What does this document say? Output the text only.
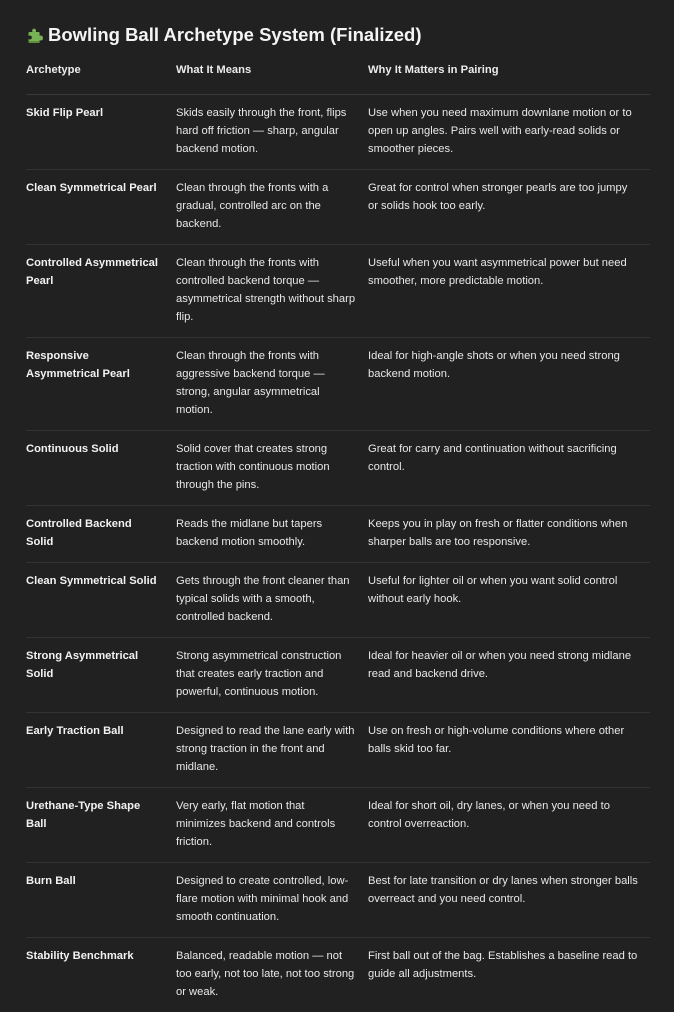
Bowling Ball Archetype System (Finalized)
Archetype	What It Means	Why It Matters in Pairing
Skid Flip Pearl	Skids easily through the front, flips hard off friction — sharp, angular backend motion.	Use when you need maximum downlane motion or to open up angles. Pairs well with early-read solids or smoother pieces.
Clean Symmetrical Pearl	Clean through the fronts with a gradual, controlled arc on the backend.	Great for control when stronger pearls are too jumpy or solids hook too early.
Controlled Asymmetrical Pearl	Clean through the fronts with controlled backend torque — asymmetrical strength without sharp flip.	Useful when you want asymmetrical power but need smoother, more predictable motion.
Responsive Asymmetrical Pearl	Clean through the fronts with aggressive backend torque — strong, angular asymmetrical motion.	Ideal for high-angle shots or when you need strong backend motion.
Continuous Solid	Solid cover that creates strong traction with continuous motion through the pins.	Great for carry and continuation without sacrificing control.
Controlled Backend Solid	Reads the midlane but tapers backend motion smoothly.	Keeps you in play on fresh or flatter conditions when sharper balls are too responsive.
Clean Symmetrical Solid	Gets through the front cleaner than typical solids with a smooth, controlled backend.	Useful for lighter oil or when you want solid control without early hook.
Strong Asymmetrical Solid	Strong asymmetrical construction that creates early traction and powerful, continuous motion.	Ideal for heavier oil or when you need strong midlane read and backend drive.
Early Traction Ball	Designed to read the lane early with strong traction in the front and midlane.	Use on fresh or high-volume conditions where other balls skid too far.
Urethane-Type Shape Ball	Very early, flat motion that minimizes backend and controls friction.	Ideal for short oil, dry lanes, or when you need to control overreaction.
Burn Ball	Designed to create controlled, low-flare motion with minimal hook and smooth continuation.	Best for late transition or dry lanes when stronger balls overreact and you need control.
Stability Benchmark	Balanced, readable motion — not too early, not too late, not too strong or weak.	First ball out of the bag. Establishes a baseline read to guide all adjustments.
